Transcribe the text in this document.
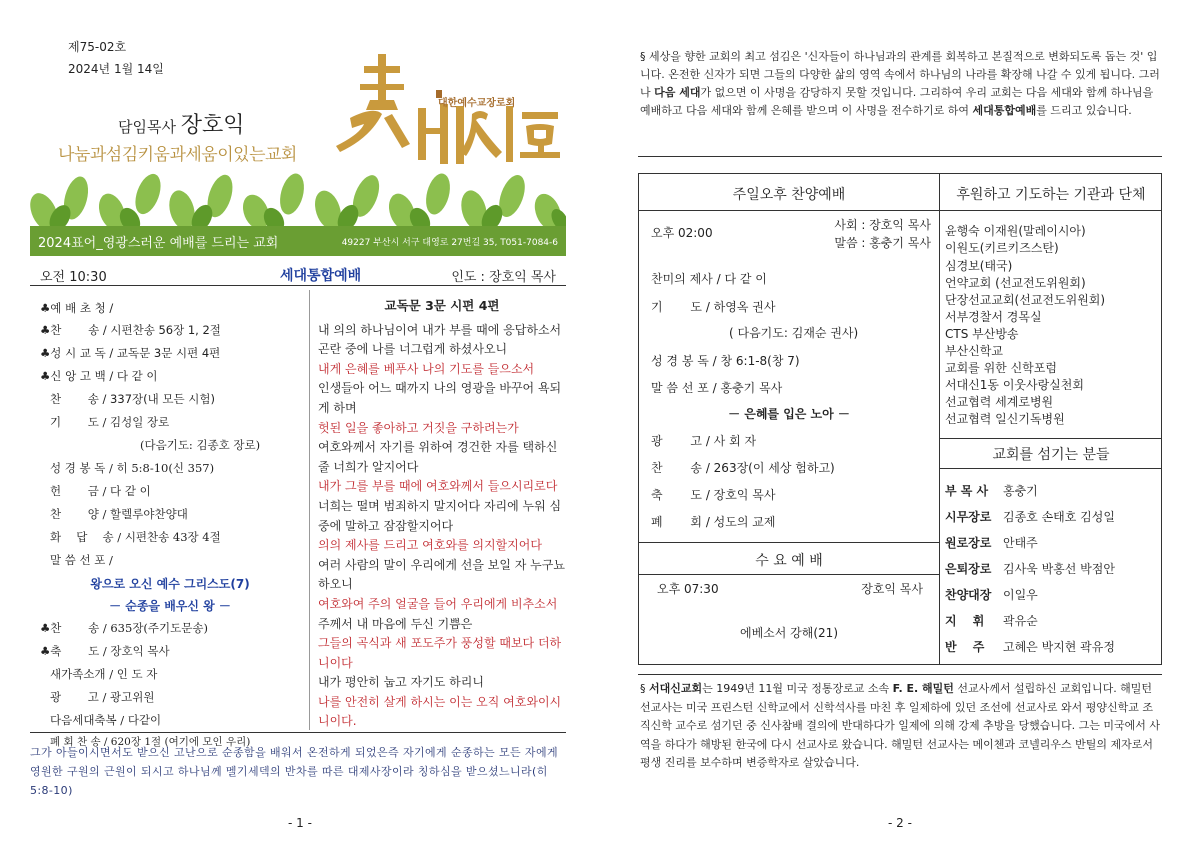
제75-02호
2024년 1월 14일
담임목사 장호익
나눔과섬김키움과세움이있는교회
대한예수교장로회
2024표어_영광스러운 예배를 드리는 교회	49227 부산시 서구 대영로 27번길 35, T051-7084-6
오전 10:30	세대통합예배	인도 : 장호익 목사
♣예 배 초 청 /
♣찬　　 송 / 시편찬송 56장 1, 2절
♣성 시 교 독 / 교독문 3문 시편 4편
♣신 앙 고 백 / 다 같 이
찬　　 송 / 337장(내 모든 시험)
기　　 도 / 김성일 장로
(다음기도: 김종호 장로)
성 경 봉 독 / 히 5:8-10(신 357)
헌　　 금 / 다 같 이
찬　　 양 / 할렐루야찬양대
화　 답　 송 / 시편찬송 43장 4절
말 씀 선 포 /
왕으로 오신 예수 그리스도(7)
－ 순종을 배우신 왕 －
♣찬　　 송 / 635장(주기도문송)
♣축　　 도 / 장호익 목사
새가족소개 / 인 도 자
광　　 고 / 광고위원
다음세대축복 / 다같이
폐 회 찬 송 / 620장 1절 (여기에 모인 우리)
교독문 3문 시편 4편
내 의의 하나님이여 내가 부를 때에 응답하소서 곤란 중에 나를 너그럽게 하셨사오니
내게 은혜를 베푸사 나의 기도를 들으소서
인생들아 어느 때까지 나의 영광을 바꾸어 욕되게 하며
헛된 일을 좋아하고 거짓을 구하려는가
여호와께서 자기를 위하여 경건한 자를 택하신 줄 너희가 알지어다
내가 그를 부를 때에 여호와께서 들으시리로다
너희는 떨며 범죄하지 말지어다 자리에 누워 심중에 말하고 잠잠할지어다
의의 제사를 드리고 여호와를 의지할지어다
여러 사람의 말이 우리에게 선을 보일 자 누구뇨 하오니
여호와여 주의 얼굴을 들어 우리에게 비추소서
주께서 내 마음에 두신 기쁨은
그들의 곡식과 새 포도주가 풍성할 때보다 더하니이다
내가 평안히 눕고 자기도 하리니
나를 안전히 살게 하시는 이는 오직 여호와이시니이다.
그가 아들이시면서도 받으신 고난으로 순종함을 배워서 온전하게 되었은즉 자기에게 순종하는 모든 자에게 영원한 구원의 근원이 되시고 하나님께 멜기세덱의 반차를 따른 대제사장이라 칭하심을 받으셨느니라(히 5:8-10)
- 1 -
§ 세상을 향한 교회의 최고 섬김은 '신자들이 하나님과의 관계를 회복하고 본질적으로 변화되도록 돕는 것' 입니다. 온전한 신자가 되면 그들의 다양한 삶의 영역 속에서 하나님의 나라를 확장해 나갈 수 있게 됩니다. 그러나 다음 세대가 없으면 이 사명을 감당하지 못할 것입니다. 그리하여 우리 교회는 다음 세대와 함께 하나님을 예배하고 다음 세대와 함께 은혜를 받으며 이 사명을 전수하기로 하여 세대통합예배를 드리고 있습니다.
주일오후 찬양예배
오후 02:00
사회 : 장호익 목사
말씀 : 홍충기 목사
찬미의 제사 / 다 같 이
기　　 도 / 하영옥 권사
( 다음기도: 김재순 권사)
성 경 봉 독 / 창 6:1-8(창 7)
말 씀 선 포 / 홍충기 목사
－ 은혜를 입은 노아 －
광　　 고 / 사 회 자
찬　　 송 / 263장(이 세상 험하고)
축　　 도 / 장호익 목사
폐　　 회 / 성도의 교제
수 요 예 배
오후 07:30	장호익 목사
에베소서 강해(21)
후원하고 기도하는 기관과 단체
윤행숙 이재원(말레이시아)
이원도(키르키즈스탄)
심경보(태국)
언약교회 (선교전도위원회)
단장선교교회(선교전도위원회)
서부경찰서 경목실
CTS 부산방송
부산신학교
교회를 위한 신학포럼
서대신1동 이웃사랑실천회
선교협력 세계로병원
선교협력 일신기독병원
교회를 섬기는 분들
부 목 사 홍충기
시무장로 김종호 손태호 김성일
원로장로 안태주
은퇴장로 김사욱 박홍선 박점안
찬양대장 이일우
지　 휘 곽유순
반　 주 고혜은 박지현 곽유정
§ 서대신교회는 1949년 11월 미국 정통장로교 소속 F. E. 해밀턴 선교사께서 설립하신 교회입니다. 해밀턴 선교사는 미국 프린스턴 신학교에서 신학석사를 마친 후 일제하에 있던 조선에 선교사로 와서 평양신학교 조직신학 교수로 섬기던 중 신사참배 결의에 반대하다가 일제에 의해 강제 추방을 당했습니다. 그는 미국에서 사역을 하다가 해방된 한국에 다시 선교사로 왔습니다. 해밀턴 선교사는 메이첸과 코넬리우스 반틸의 제자로서 평생 진리를 보수하며 변증학자로 살았습니다.
- 2 -
